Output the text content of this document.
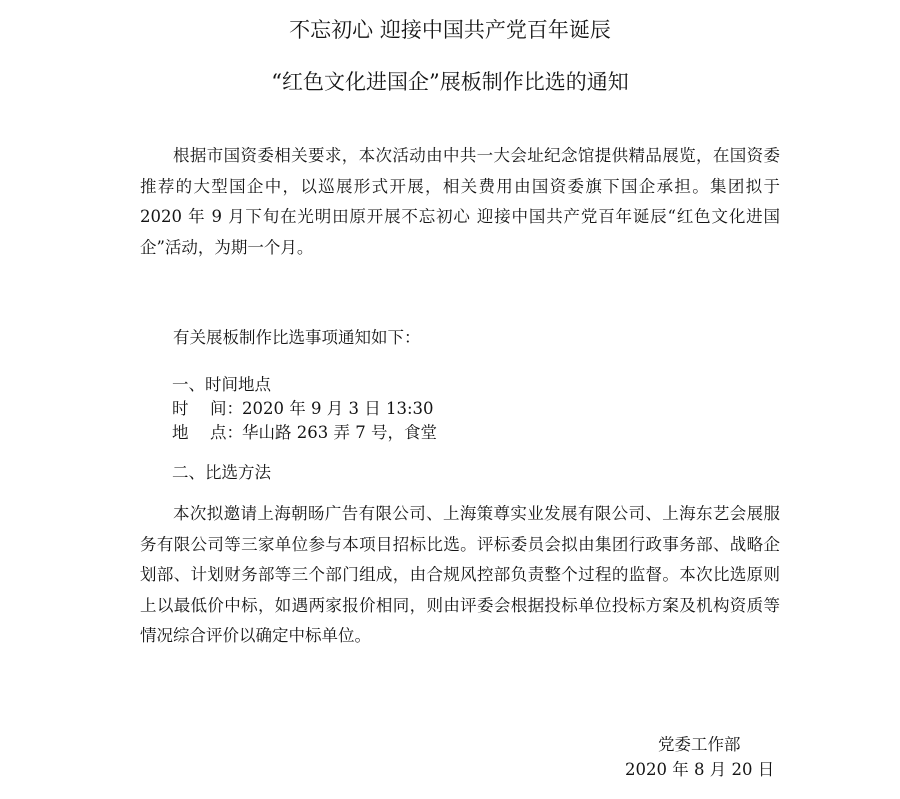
不忘初心 迎接中国共产党百年诞辰
“红色文化进国企”展板制作比选的通知

根据市国资委相关要求，本次活动由中共一大会址纪念馆提供精品展览，在国资委推荐的大型国企中，以巡展形式开展，相关费用由国资委旗下国企承担。集团拟于 2020 年 9 月下旬在光明田原开展不忘初心 迎接中国共产党百年诞辰“红色文化进国企”活动，为期一个月。

有关展板制作比选事项通知如下：

一、时间地点
时 间：2020 年 9 月 3 日 13:30
地 点：华山路 263 弄 7 号，食堂
二、比选方法

本次拟邀请上海朝旸广告有限公司、上海策尊实业发展有限公司、上海东艺会展服务有限公司等三家单位参与本项目招标比选。评标委员会拟由集团行政事务部、战略企划部、计划财务部等三个部门组成，由合规风控部负责整个过程的监督。本次比选原则上以最低价中标，如遇两家报价相同，则由评委会根据投标单位投标方案及机构资质等情况综合评价以确定中标单位。

党委工作部
2020 年 8 月 20 日
